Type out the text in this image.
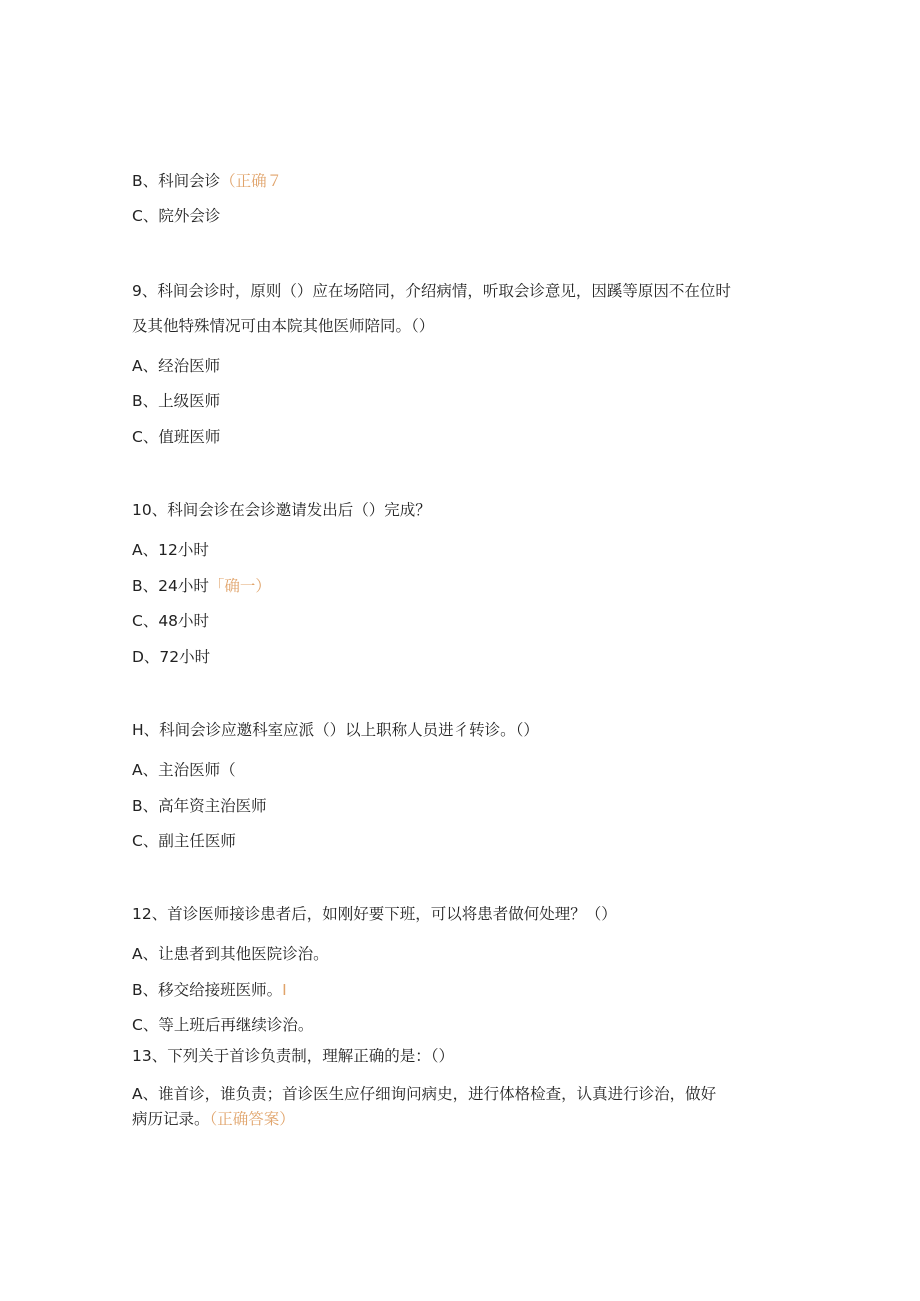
B、科间会诊（正确７
C、院外会诊
9、科间会诊时，原则（）应在场陪同，介绍病情，听取会诊意见，因蹊等原因不在位时
及其他特殊情况可由本院其他医师陪同。（）
A、经治医师
B、上级医师
C、值班医师
10、科间会诊在会诊邀请发出后（）完成？
A、12小时
B、24小时「确一）
C、48小时
D、72小时
H、科间会诊应邀科室应派（）以上职称人员进彳转诊。（）
A、主治医师（
B、高年资主治医师
C、副主任医师
12、首诊医师接诊患者后，如刚好要下班，可以将患者做何处理？（）
A、让患者到其他医院诊治。
B、移交给接班医师。I
C、等上班后再继续诊治。
13、下列关于首诊负责制，理解正确的是：（）
A、谁首诊，谁负责；首诊医生应仔细询问病史，进行体格检查，认真进行诊治，做好
病历记录。（正确答案）
